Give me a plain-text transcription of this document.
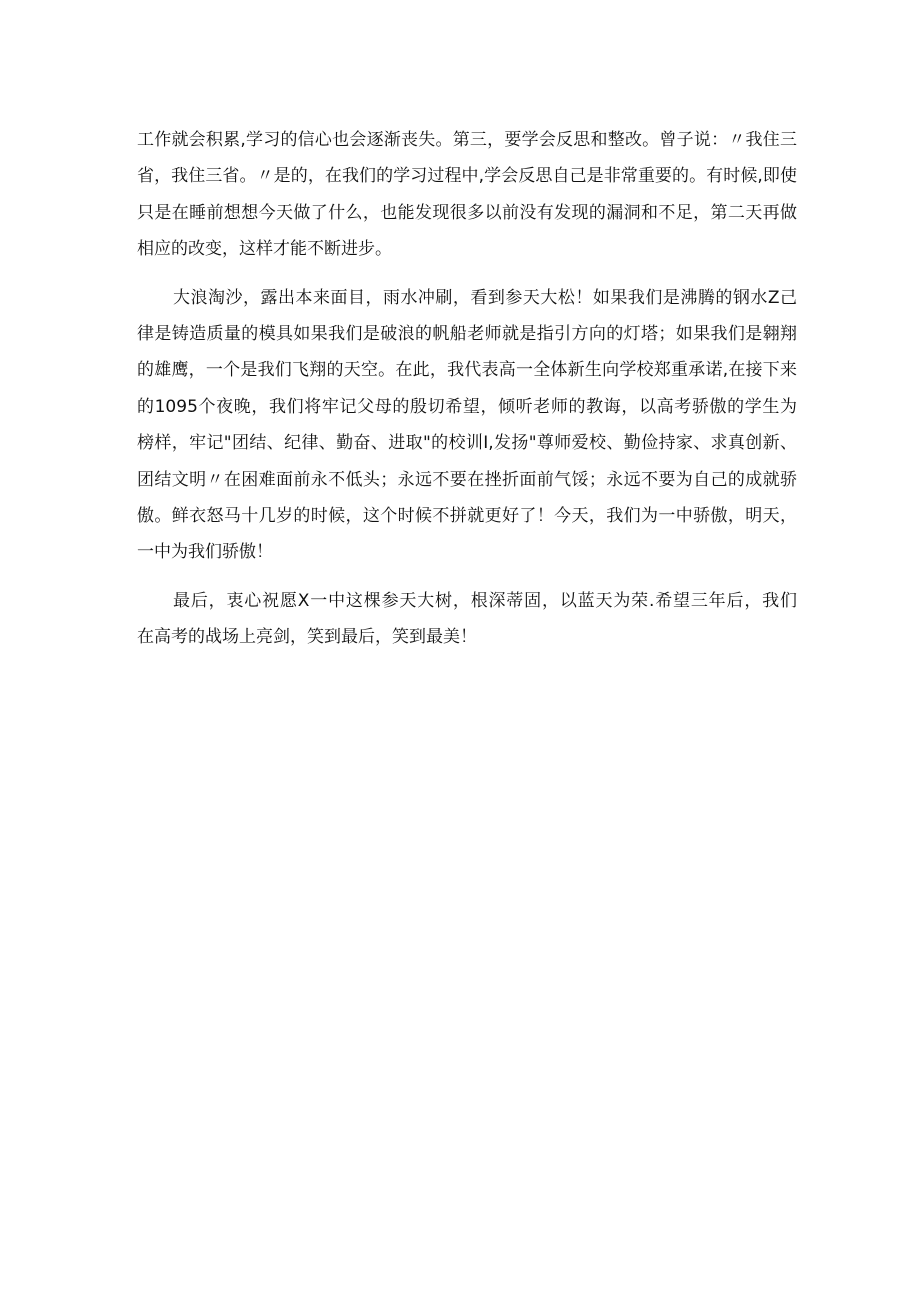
工作就会积累,学习的信心也会逐渐丧失。第三，要学会反思和整改。曾子说：〃我住三
省，我住三省。〃是的，在我们的学习过程中,学会反思自己是非常重要的。有时候,即使
只是在睡前想想今天做了什么，也能发现很多以前没有发现的漏洞和不足，第二天再做
相应的改变，这样才能不断进步。
大浪淘沙，露出本来面目，雨水冲刷，看到参天大松！如果我们是沸腾的钢水Z己
律是铸造质量的模具如果我们是破浪的帆船老师就是指引方向的灯塔；如果我们是翱翔
的雄鹰，一个是我们飞翔的天空。在此，我代表高一全体新生向学校郑重承诺,在接下来
的1095个夜晚，我们将牢记父母的殷切希望，倾听老师的教诲，以高考骄傲的学生为
榜样，牢记"团结、纪律、勤奋、进取"的校训I,发扬"尊师爱校、勤俭持家、求真创新、
团结文明〃在困难面前永不低头；永远不要在挫折面前气馁；永远不要为自己的成就骄
傲。鲜衣怒马十几岁的时候，这个时候不拼就更好了！今天，我们为一中骄傲，明天，
一中为我们骄傲！
最后，衷心祝愿X一中这棵参天大树，根深蒂固，以蓝天为荣.希望三年后，我们
在高考的战场上亮剑，笑到最后，笑到最美！
